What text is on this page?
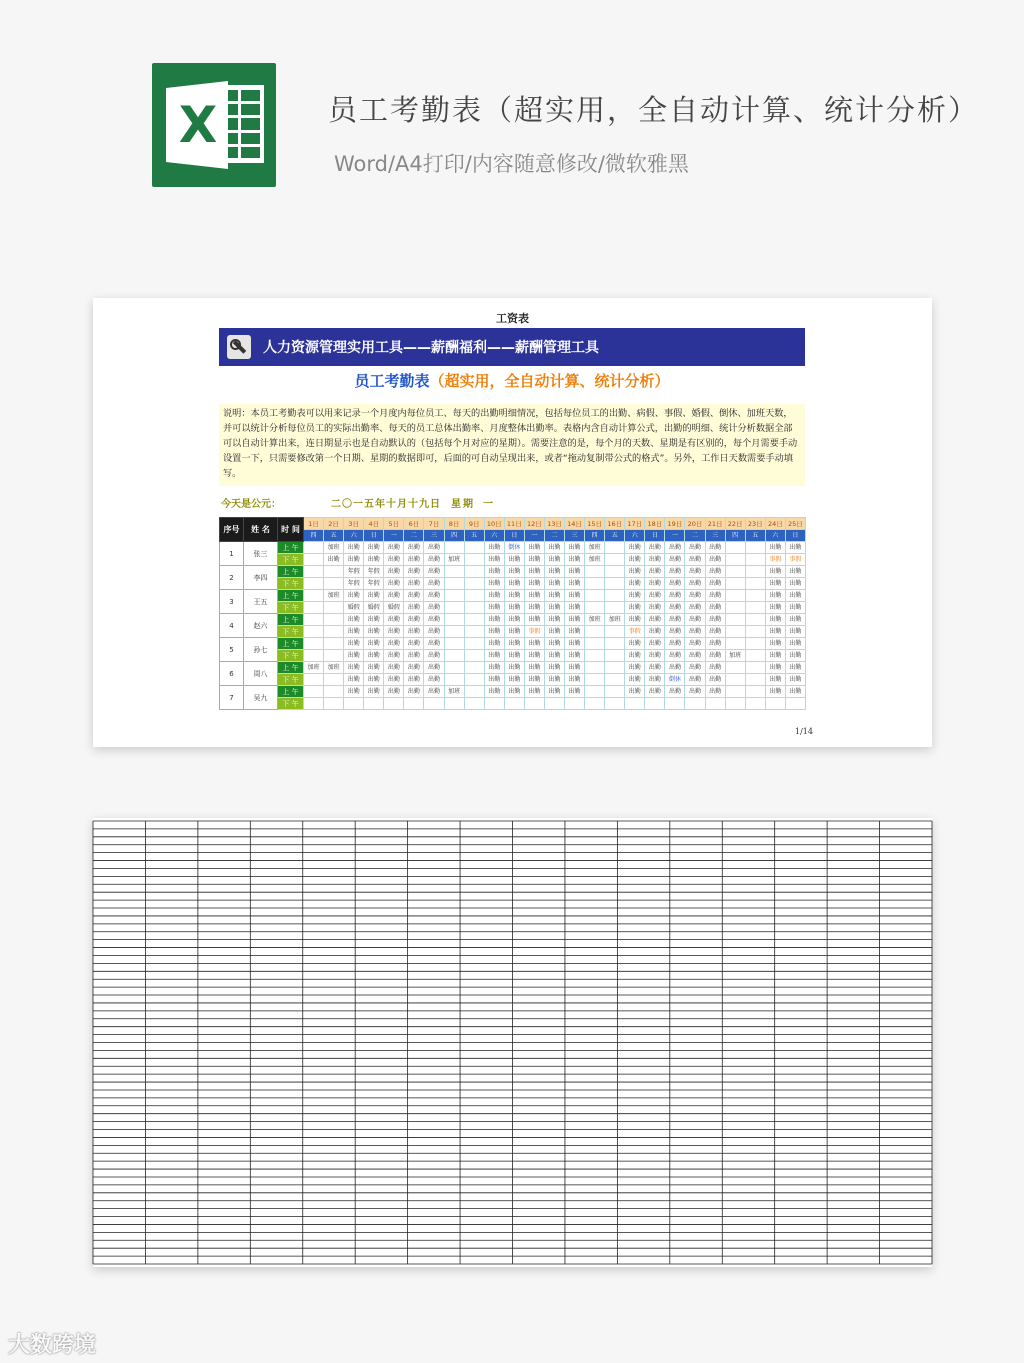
X	员工考勤表（超实用，全自动计算、统计分析）
Word/A4打印/内容随意修改/微软雅黑
工资表
人力资源管理实用工具——薪酬福利——薪酬管理工具
员工考勤表（超实用，全自动计算、统计分析）
说明：本员工考勤表可以用来记录一个月度内每位员工、每天的出勤明细情况，包括每位员工的出勤、病假、事假、婚假、倒休、加班天数，并可以统计分析每位员工的实际出勤率、每天的员工总体出勤率、月度整体出勤率。表格内含自动计算公式，出勤的明细、统计分析数据全部可以自动计算出来，连日期显示也是自动默认的（包括每个月对应的星期）。需要注意的是，每个月的天数、星期是有区别的，每个月需要手动设置一下，只需要修改第一个日期、星期的数据即可，后面的可自动呈现出来，或者“拖动复制带公式的格式”。另外，工作日天数需要手动填写。
今天是公元：	二〇一五年十月十九日 星期 一
序号	姓 名	时 间	1日	2日	3日	4日	5日	6日	7日	8日	9日	10日	11日	12日	13日	14日	15日	16日	17日	18日	19日	20日	21日	22日	23日	24日	25日
			四	五	六	日	一	二	三	四	五	六	日	一	二	三	四	五	六	日	一	二	三	四	五	六	日
1	张三	上 午		加班	出勤	出勤	出勤	出勤	出勤			出勤	倒休	出勤	出勤	出勤	加班		出勤	出勤	出勤	出勤	出勤			出勤	出勤
		下 午		出勤	出勤	出勤	出勤	出勤	出勤	加班		出勤	出勤	出勤	出勤	出勤	加班		出勤	出勤	出勤	出勤	出勤			事假	事假
2	李四	上 午			年假	年假	出勤	出勤	出勤			出勤	出勤	出勤	出勤	出勤			出勤	出勤	出勤	出勤	出勤			出勤	出勤
		下 午			年假	年假	出勤	出勤	出勤			出勤	出勤	出勤	出勤	出勤			出勤	出勤	出勤	出勤	出勤			出勤	出勤
3	王五	上 午		加班	出勤	出勤	出勤	出勤	出勤			出勤	出勤	出勤	出勤	出勤			出勤	出勤	出勤	出勤	出勤			出勤	出勤
		下 午			婚假	婚假	婚假	出勤	出勤			出勤	出勤	出勤	出勤	出勤			出勤	出勤	出勤	出勤	出勤			出勤	出勤
4	赵六	上 午			出勤	出勤	出勤	出勤	出勤			出勤	出勤	出勤	出勤	出勤	加班	加班	出勤	出勤	出勤	出勤	出勤			出勤	出勤
		下 午			出勤	出勤	出勤	出勤	出勤			出勤	出勤	事假	出勤	出勤			事假	出勤	出勤	出勤	出勤			出勤	出勤
5	孙七	上 午			出勤	出勤	出勤	出勤	出勤			出勤	出勤	出勤	出勤	出勤			出勤	出勤	出勤	出勤	出勤			出勤	出勤
		下 午			出勤	出勤	出勤	出勤	出勤			出勤	出勤	出勤	出勤	出勤			出勤	出勤	出勤	出勤	出勤	加班		出勤	出勤
6	周八	上 午	加班	加班	出勤	出勤	出勤	出勤	出勤			出勤	出勤	出勤	出勤	出勤			出勤	出勤	出勤	出勤	出勤			出勤	出勤
		下 午			出勤	出勤	出勤	出勤	出勤			出勤	出勤	出勤	出勤	出勤			出勤	出勤	倒休	出勤	出勤			出勤	出勤
7	吴九	上 午			出勤	出勤	出勤	出勤	出勤	加班		出勤	出勤	出勤	出勤	出勤			出勤	出勤	出勤	出勤	出勤			出勤	出勤
		下 午																									
1/14
大数跨境
